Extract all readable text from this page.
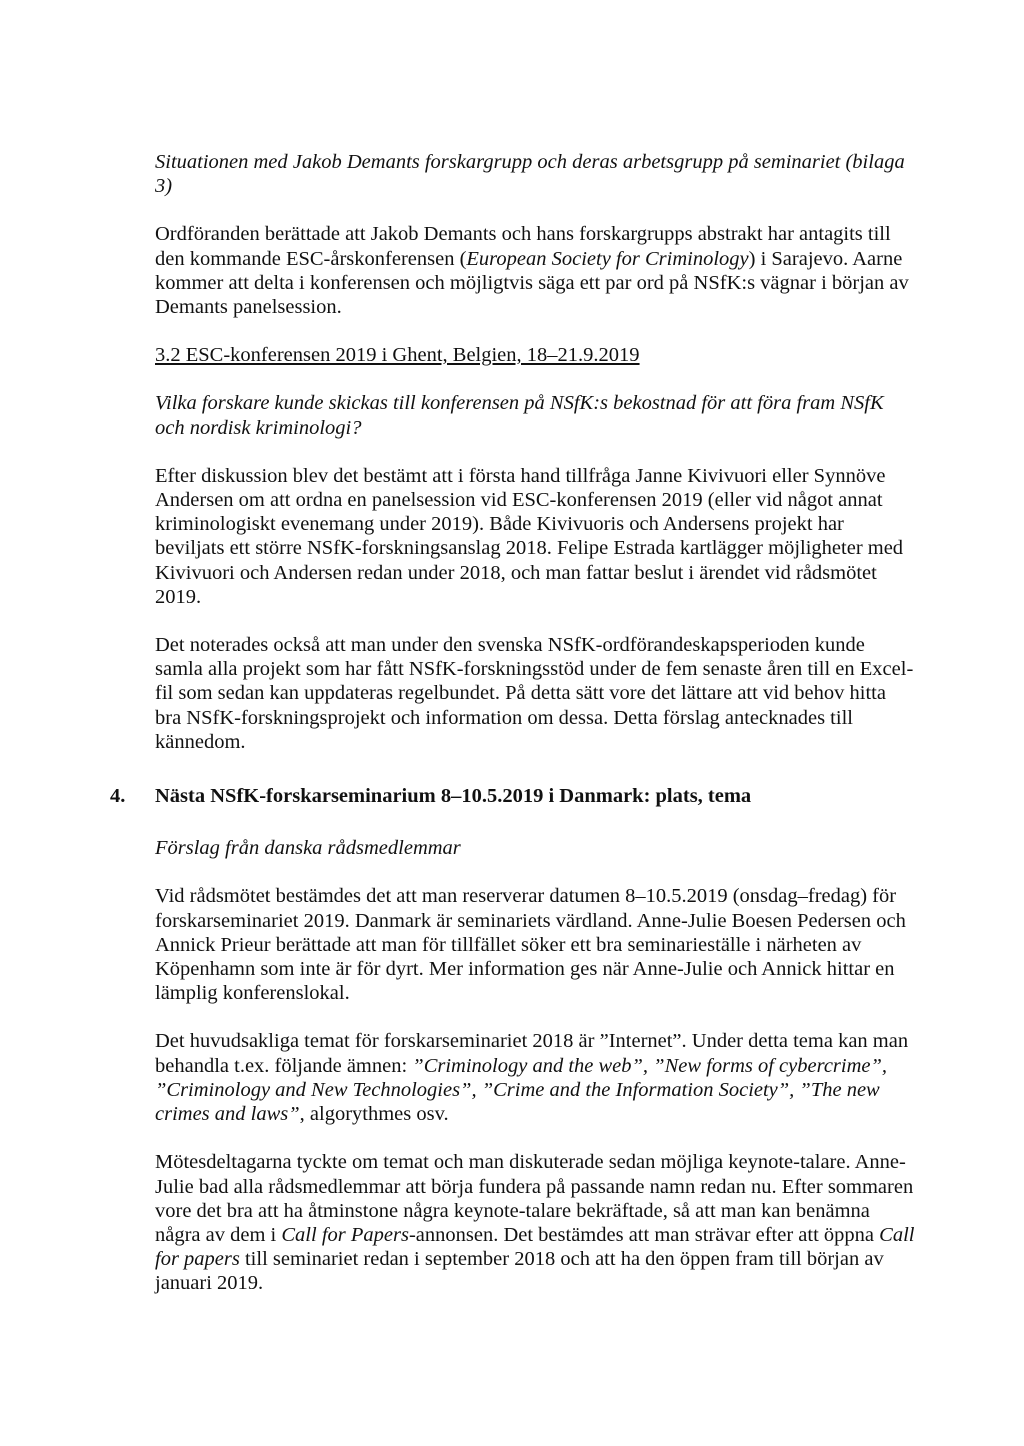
Situationen med Jakob Demants forskargrupp och deras arbetsgrupp på seminariet (bilaga
3)

Ordföranden berättade att Jakob Demants och hans forskargrupps abstrakt har antagits till
den kommande ESC-årskonferensen (European Society for Criminology) i Sarajevo. Aarne
kommer att delta i konferensen och möjligtvis säga ett par ord på NSfK:s vägnar i början av
Demants panelsession.

3.2 ESC-konferensen 2019 i Ghent, Belgien, 18–21.9.2019

Vilka forskare kunde skickas till konferensen på NSfK:s bekostnad för att föra fram NSfK
och nordisk kriminologi?

Efter diskussion blev det bestämt att i första hand tillfråga Janne Kivivuori eller Synnöve
Andersen om att ordna en panelsession vid ESC-konferensen 2019 (eller vid något annat
kriminologiskt evenemang under 2019). Både Kivivuoris och Andersens projekt har
beviljats ett större NSfK-forskningsanslag 2018. Felipe Estrada kartlägger möjligheter med
Kivivuori och Andersen redan under 2018, och man fattar beslut i ärendet vid rådsmötet
2019.

Det noterades också att man under den svenska NSfK-ordförandeskapsperioden kunde
samla alla projekt som har fått NSfK-forskningsstöd under de fem senaste åren till en Excel-
fil som sedan kan uppdateras regelbundet. På detta sätt vore det lättare att vid behov hitta
bra NSfK-forskningsprojekt och information om dessa. Detta förslag antecknades till
kännedom.

4.	Nästa NSfK-forskarseminarium 8–10.5.2019 i Danmark: plats, tema

Förslag från danska rådsmedlemmar

Vid rådsmötet bestämdes det att man reserverar datumen 8–10.5.2019 (onsdag–fredag) för
forskarseminariet 2019. Danmark är seminariets värdland. Anne-Julie Boesen Pedersen och
Annick Prieur berättade att man för tillfället söker ett bra seminarieställe i närheten av
Köpenhamn som inte är för dyrt. Mer information ges när Anne-Julie och Annick hittar en
lämplig konferenslokal.

Det huvudsakliga temat för forskarseminariet 2018 är ”Internet”. Under detta tema kan man
behandla t.ex. följande ämnen: ”Criminology and the web”, ”New forms of cybercrime”,
”Criminology and New Technologies”, ”Crime and the Information Society”, ”The new
crimes and laws”, algorythmes osv.

Mötesdeltagarna tyckte om temat och man diskuterade sedan möjliga keynote-talare. Anne-
Julie bad alla rådsmedlemmar att börja fundera på passande namn redan nu. Efter sommaren
vore det bra att ha åtminstone några keynote-talare bekräftade, så att man kan benämna
några av dem i Call for Papers-annonsen. Det bestämdes att man strävar efter att öppna Call
for papers till seminariet redan i september 2018 och att ha den öppen fram till början av
januari 2019.
